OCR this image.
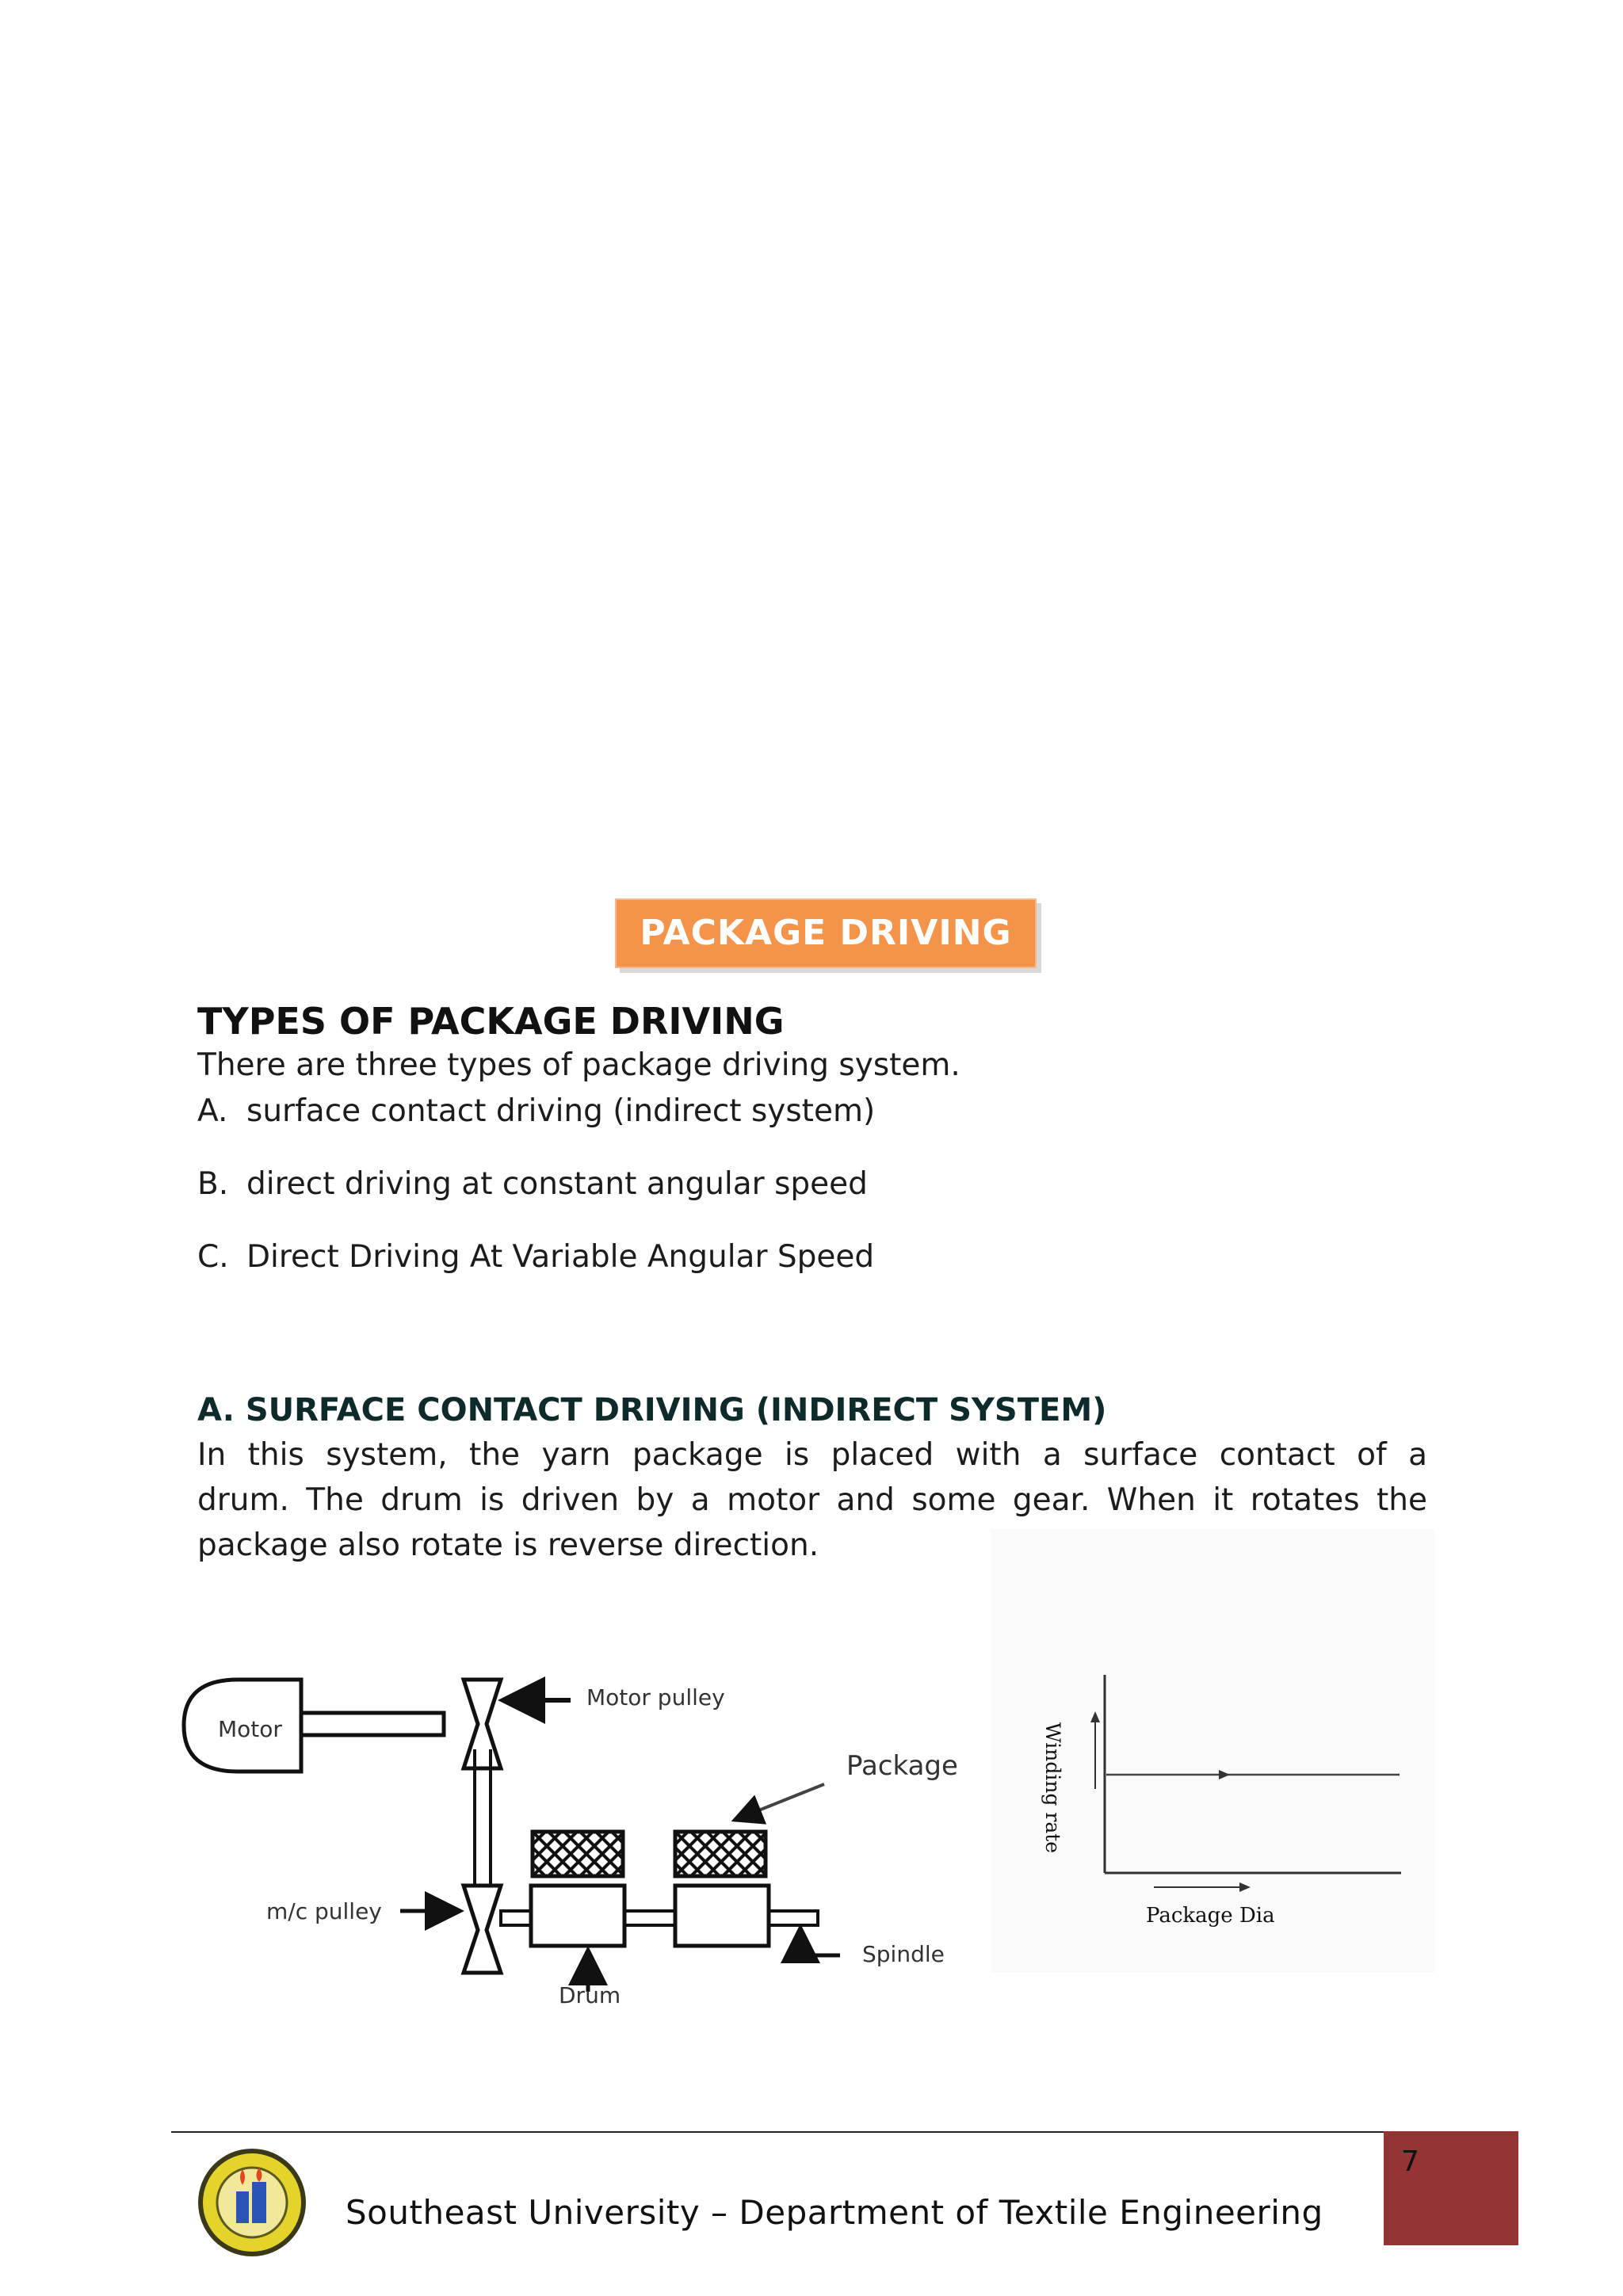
PACKAGE DRIVING
TYPES OF PACKAGE DRIVING
There are three types of package driving system.
A. surface contact driving (indirect system)
B. direct driving at constant angular speed
C. Direct Driving At Variable Angular Speed
A. SURFACE CONTACT DRIVING (INDIRECT SYSTEM)
In this system, the yarn package is placed with a surface contact of a
drum. The drum is driven by a motor and some gear. When it rotates the
package also rotate is reverse direction.
Motor
Motor pulley
Package
m/c pulley
Spindle
Drum
Winding rate
Package Dia
7
Southeast University – Department of Textile Engineering
